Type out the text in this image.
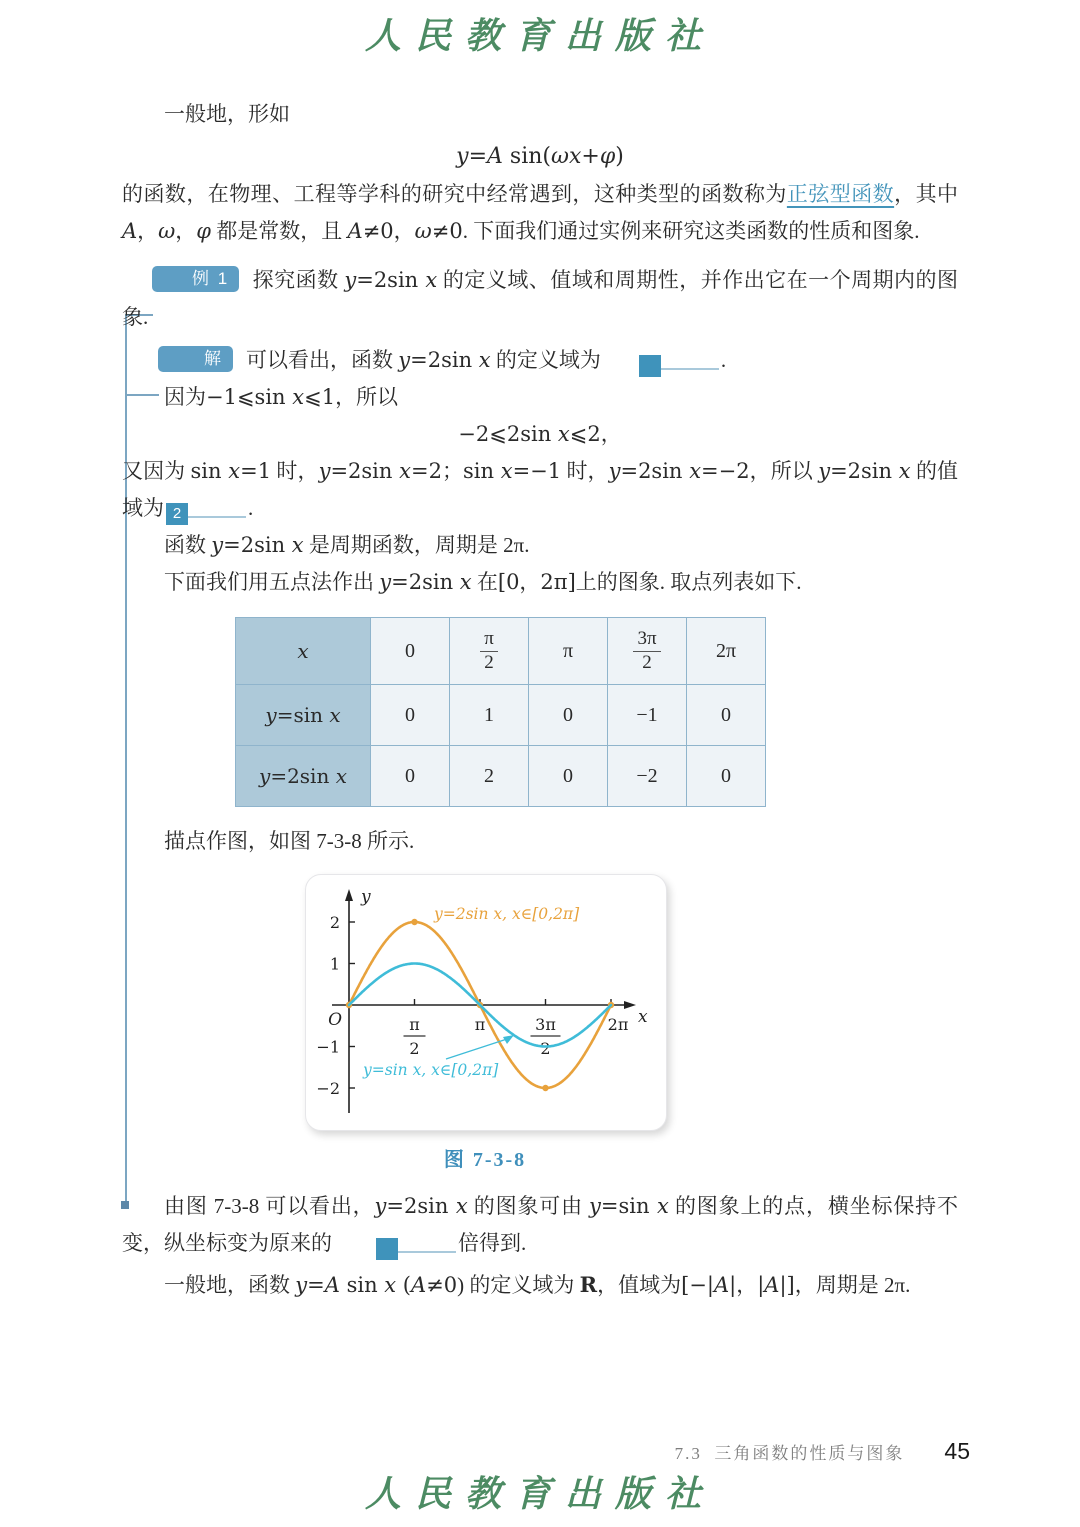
人民教育出版社

一般地，形如

y=A sin(ωx+φ)

的函数，在物理、工程等学科的研究中经常遇到，这种类型的函数称为正弦型函数，其中 A，ω，φ 都是常数，且 A≠0，ω≠0. 下面我们通过实例来研究这类函数的性质和图象.

例 1 探究函数 y=2sin x 的定义域、值域和周期性，并作出它在一个周期内的图象.

解 可以看出，函数 y=2sin x 的定义域为	1 .

因为−1⩽sin x⩽1，所以

−2⩽2sin x⩽2，

又因为 sin x=1 时，y=2sin x=2；sin x=−1 时，y=2sin x=−2，所以 y=2sin x 的值域为 2	.

函数 y=2sin x 是周期函数，周期是 2π.

下面我们用五点法作出 y=2sin x 在[0，2π]上的图象. 取点列表如下.

x	0	$\frac{\pi}{2}$	π	$\frac{3\pi}{2}$	2π
y=sin x	0	1	0	−1	0
y=2sin x	0	2	0	−2	0

描点作图，如图 7-3-8 所示.

x
y
O	π
2
π	3π
2
2π
2
1
−1
−2
y=2sin x, x∈[0,2π]
y=sin x, x∈[0,2π]
图 7-3-8

由图 7-3-8 可以看出，y=2sin x 的图象可由 y=sin x 的图象上的点，横坐标保持不变，纵坐标变为原来的	3 倍得到.

一般地，函数 y=A sin x (A≠0) 的定义域为 R，值域为[−|A|，|A|]，周期是 2π.

7.3 三角函数的性质与图象 45
人民教育出版社
